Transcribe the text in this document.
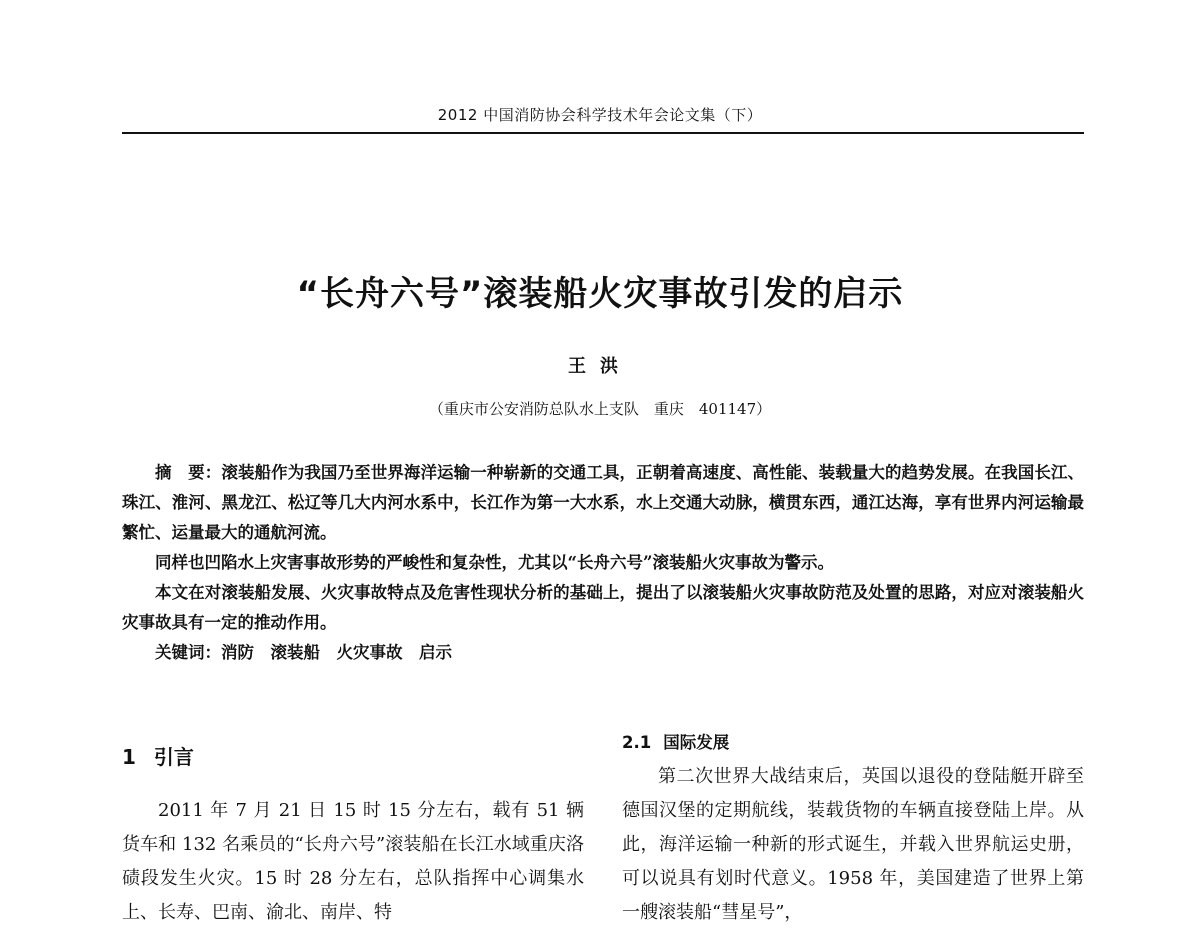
2012 中国消防协会科学技术年会论文集（下）
“长舟六号”滚装船火灾事故引发的启示
王洪
（重庆市公安消防总队水上支队　重庆　401147）

摘　要：滚装船作为我国乃至世界海洋运输一种崭新的交通工具，正朝着高速度、高性能、装载量大的趋势发展。在我国长江、珠江、淮河、黑龙江、松辽等几大内河水系中，长江作为第一大水系，水上交通大动脉，横贯东西，通江达海，享有世界内河运输最繁忙、运量最大的通航河流。

同样也凹陷水上灾害事故形势的严峻性和复杂性，尤其以“长舟六号”滚装船火灾事故为警示。

本文在对滚装船发展、火灾事故特点及危害性现状分析的基础上，提出了以滚装船火灾事故防范及处置的思路，对应对滚装船火灾事故具有一定的推动作用。

关键词：消防　滚装船　火灾事故　启示

1 引言

2011 年 7 月 21 日 15 时 15 分左右，载有 51 辆货车和 132 名乘员的“长舟六号”滚装船在长江水域重庆洛碛段发生火灾。15 时 28 分左右，总队指挥中心调集水上、长寿、巴南、渝北、南岸、特

2.1 国际发展

第二次世界大战结束后，英国以退役的登陆艇开辟至德国汉堡的定期航线，装载货物的车辆直接登陆上岸。从此，海洋运输一种新的形式诞生，并载入世界航运史册，可以说具有划时代意义。1958 年，美国建造了世界上第一艘滚装船“彗星号”，
